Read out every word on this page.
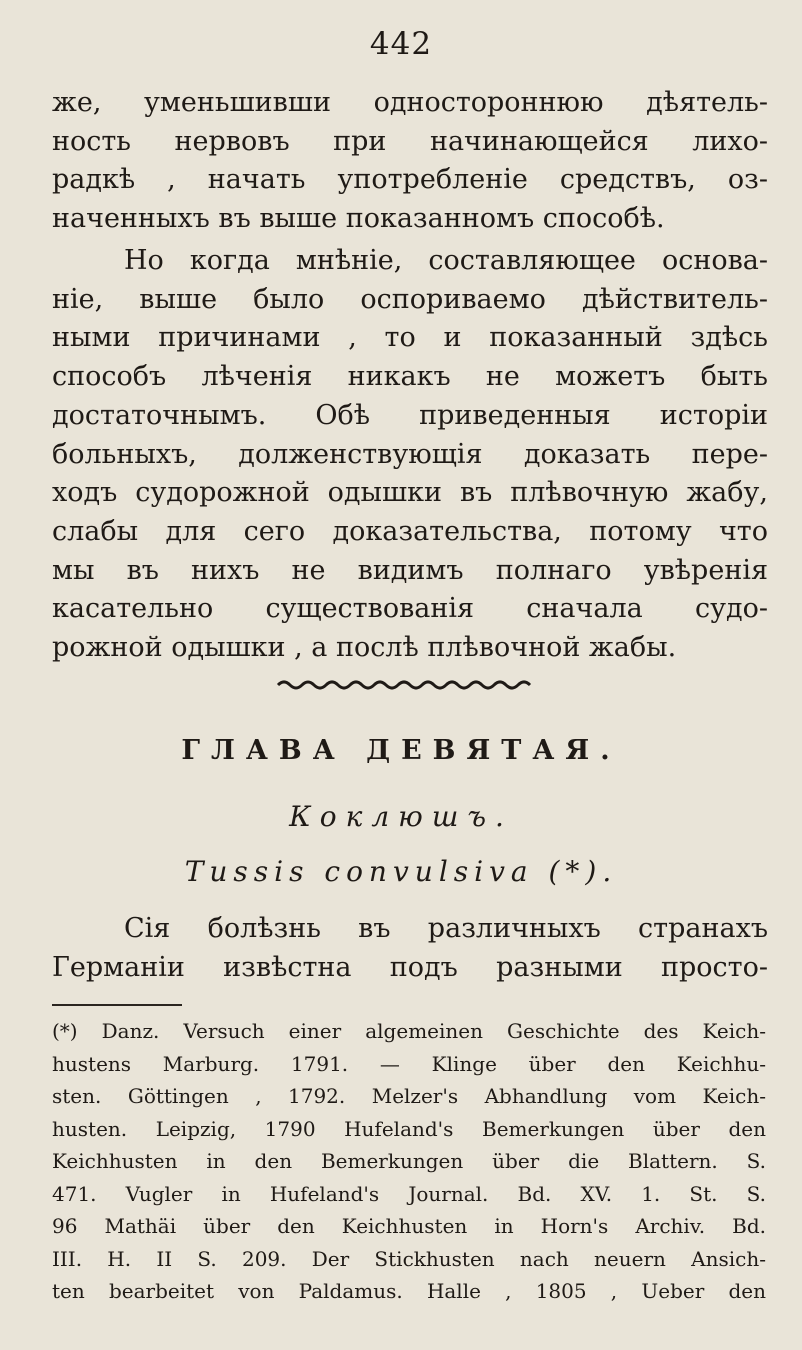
442

же, уменьшивши одностороннюю дѣятель-
ность нервовъ при начинающейся лихо-
радкѣ , начать употребленіе средствъ, оз-
наченныхъ въ выше показанномъ способѣ.

Но когда мнѣніе, составляющее основа-
ніе, выше было оспориваемо дѣйствитель-
ными причинами , то и показанный здѣсь
способъ лѣченія никакъ не можетъ быть
достаточнымъ. Обѣ приведенныя исторіи
больныхъ, долженствующія доказать пере-
ходъ судорожной одышки въ плѣвочную жабу,
слабы для сего доказательства, потому что
мы въ нихъ не видимъ полнаго увѣренія
касательно существованія сначала судо-
рожной одышки , а послѣ плѣвочной жабы.

ГЛАВА ДЕВЯТАЯ.
Коклюшъ.
Tussis convulsiva (*).

Сія болѣзнь въ различныхъ странахъ
Германіи извѣстна подъ разными просто-

(*) Danz. Versuch einer algemeinen Geschichte des Keich-
hustens Marburg. 1791. — Klinge über den Keichhu-
sten. Göttingen , 1792. Melzer's Abhandlung vom Keich-
husten. Leipzig, 1790 Hufeland's Bemerkungen über den
Keichhusten in den Bemerkungen über die Blattern. S.
471. Vugler in Hufeland's Journal. Bd. XV. 1. St. S.
96 Mathäi über den Keichhusten in Horn's Archiv. Bd.
III. H. II S. 209. Der Stickhusten nach neuern Ansich-
ten bearbeitet von Paldamus. Halle , 1805 , Ueber den
